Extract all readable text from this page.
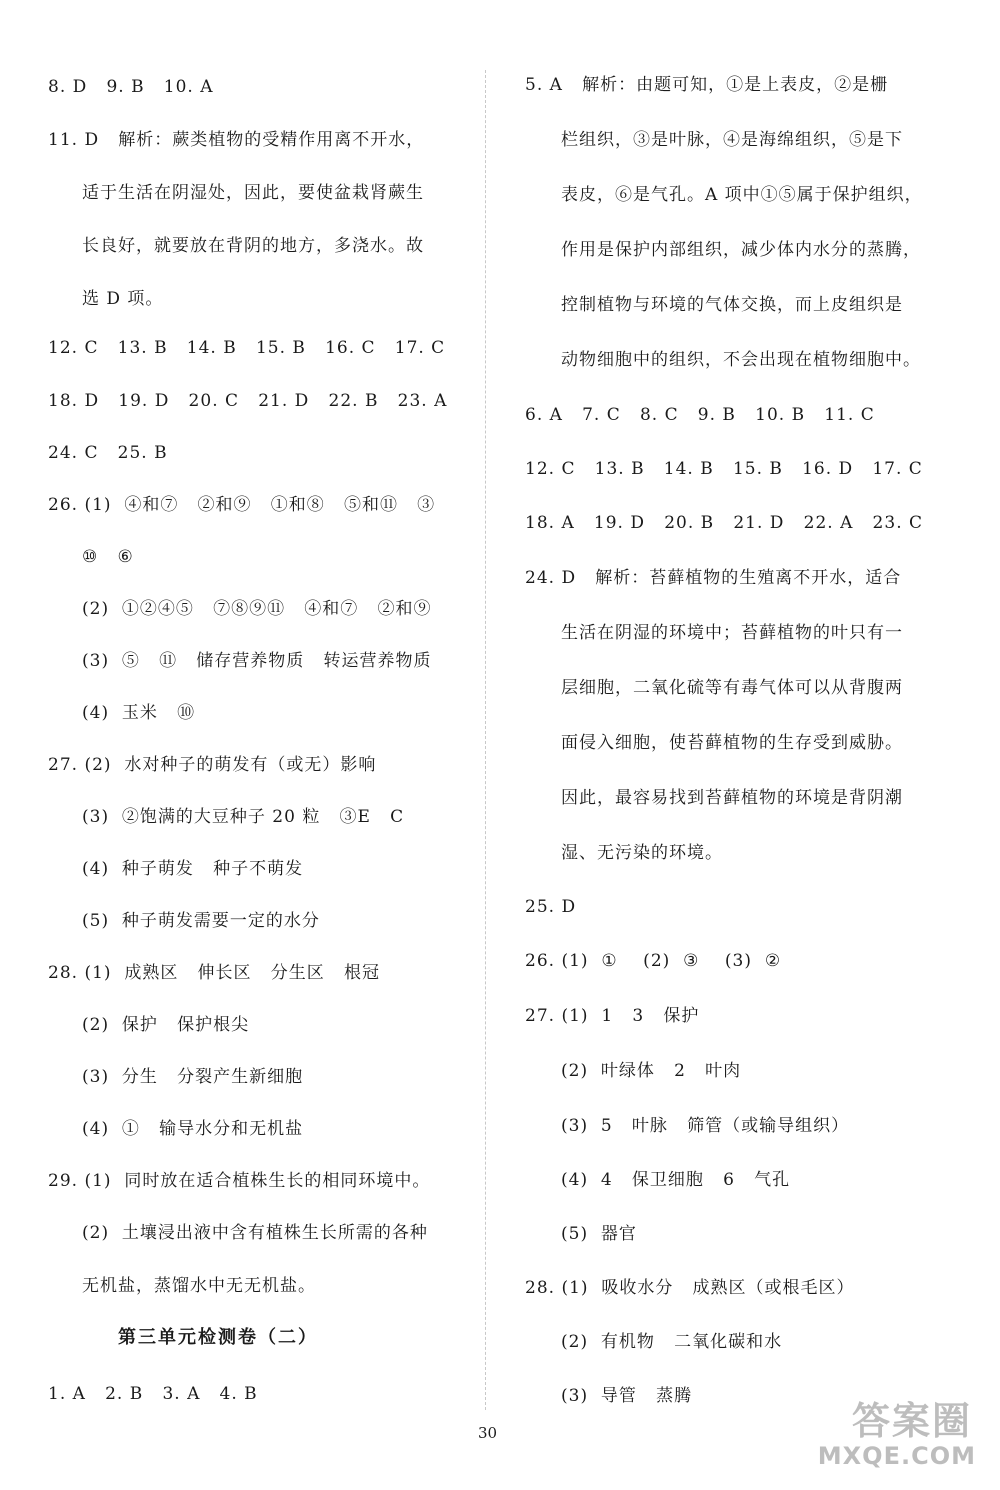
8. D   9. B   10. A
11. D   解析：蕨类植物的受精作用离不开水，
适于生活在阴湿处，因此，要使盆栽肾蕨生
长良好，就要放在背阴的地方，多浇水。故
选 D 项。
12. C   13. B   14. B   15. B   16. C   17. C
18. D   19. D   20. C   21. D   22. B   23. A
24. C   25. B
26. (1)  ④和⑦   ②和⑨   ①和⑧   ⑤和⑪   ③
⑩   ⑥
(2)  ①②④⑤   ⑦⑧⑨⑪   ④和⑦   ②和⑨
(3)  ⑤   ⑪   储存营养物质   转运营养物质
(4)  玉米   ⑩
27. (2)  水对种子的萌发有（或无）影响
(3)  ②饱满的大豆种子 20 粒   ③E   C
(4)  种子萌发   种子不萌发
(5)  种子萌发需要一定的水分
28. (1)  成熟区   伸长区   分生区   根冠
(2)  保护   保护根尖
(3)  分生   分裂产生新细胞
(4)  ①   输导水分和无机盐
29. (1)  同时放在适合植株生长的相同环境中。
(2)  土壤浸出液中含有植株生长所需的各种
无机盐，蒸馏水中无无机盐。
第三单元检测卷（二）
1. A   2. B   3. A   4. B
5. A   解析：由题可知，①是上表皮，②是栅
栏组织，③是叶脉，④是海绵组织，⑤是下
表皮，⑥是气孔。A 项中①⑤属于保护组织，
作用是保护内部组织，减少体内水分的蒸腾，
控制植物与环境的气体交换，而上皮组织是
动物细胞中的组织，不会出现在植物细胞中。
6. A   7. C   8. C   9. B   10. B   11. C
12. C   13. B   14. B   15. B   16. D   17. C
18. A   19. D   20. B   21. D   22. A   23. C
24. D   解析：苔藓植物的生殖离不开水，适合
生活在阴湿的环境中；苔藓植物的叶只有一
层细胞，二氧化硫等有毒气体可以从背腹两
面侵入细胞，使苔藓植物的生存受到威胁。
因此，最容易找到苔藓植物的环境是背阴潮
湿、无污染的环境。
25. D
26. (1)  ①    (2)  ③    (3)  ②
27. (1)  1   3   保护
(2)  叶绿体   2   叶肉
(3)  5   叶脉   筛管（或输导组织）
(4)  4   保卫细胞   6   气孔
(5)  器官
28. (1)  吸收水分   成熟区（或根毛区）
(2)  有机物   二氧化碳和水
(3)  导管   蒸腾
30	答案圈
MXQE.COM
